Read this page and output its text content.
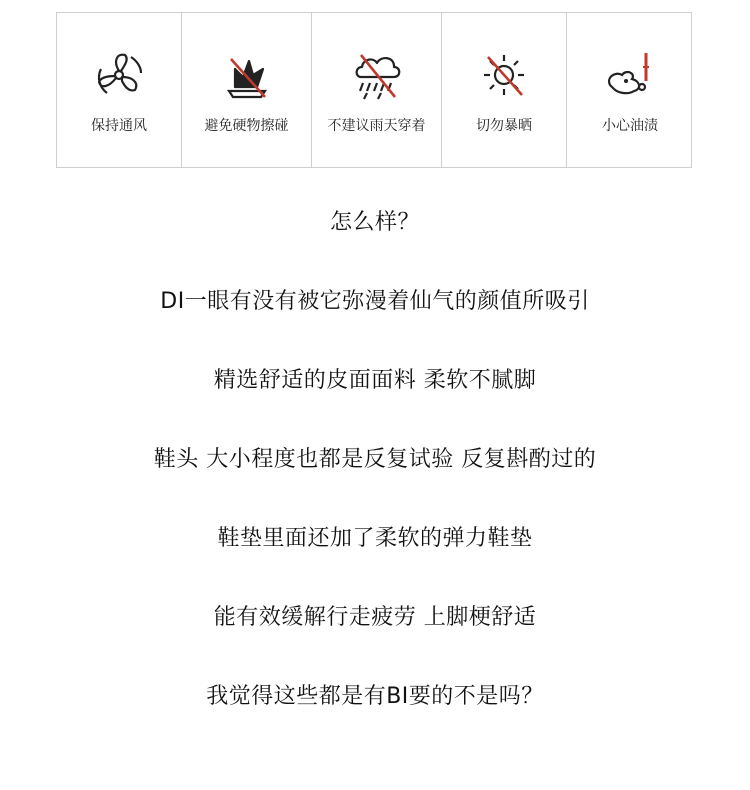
保持通风	避免硬物擦碰	不建议雨天穿着	切勿暴晒	小心油渍
怎么样？
DI一眼有没有被它弥漫着仙气的颜值所吸引
精选舒适的皮面面料 柔软不腻脚
鞋头 大小程度也都是反复试验 反复斟酌过的
鞋垫里面还加了柔软的弹力鞋垫
能有效缓解行走疲劳 上脚梗舒适
我觉得这些都是有BI要的不是吗？
